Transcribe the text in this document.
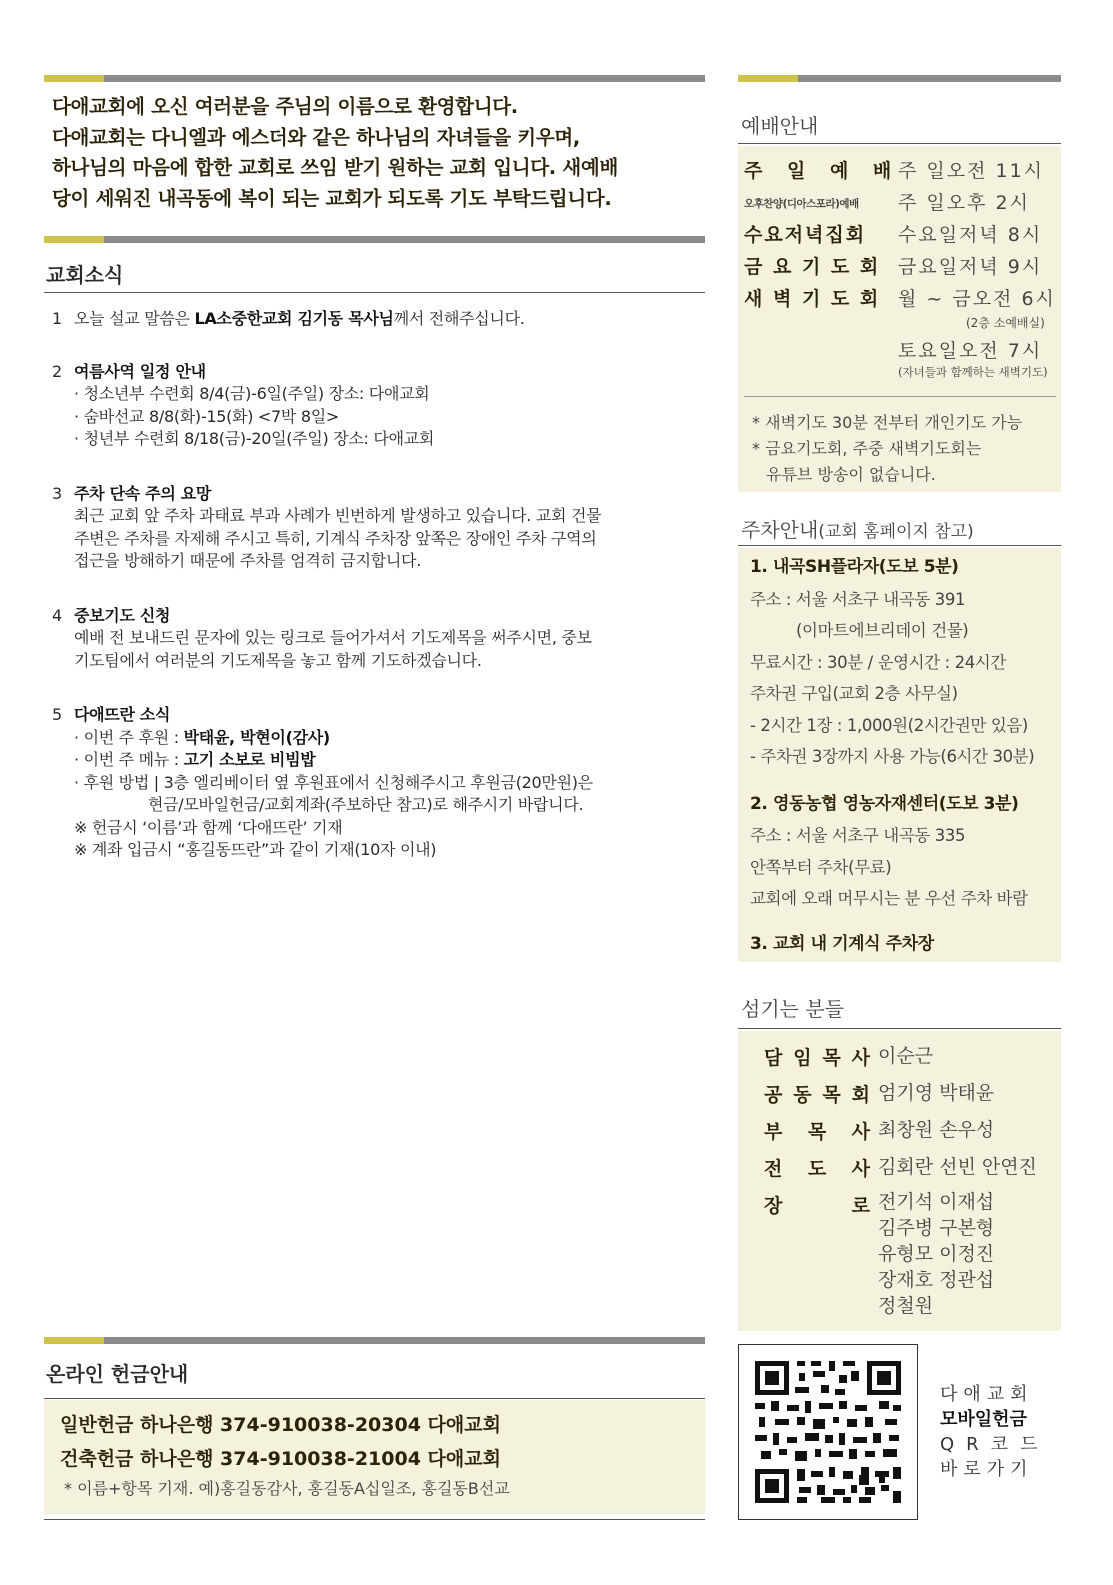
다애교회에 오신 여러분을 주님의 이름으로 환영합니다.
다애교회는 다니엘과 에스더와 같은 하나님의 자녀들을 키우며,
하나님의 마음에 합한 교회로 쓰임 받기 원하는 교회 입니다. 새예배
당이 세워진 내곡동에 복이 되는 교회가 되도록 기도 부탁드립니다.
교회소식
1 오늘 설교 말씀은 LA소중한교회 김기동 목사님께서 전해주십니다.
2 여름사역 일정 안내
· 청소년부 수련회 8/4(금)-6일(주일) 장소: 다애교회
· 숨바선교 8/8(화)-15(화) <7박 8일>
· 청년부 수련회 8/18(금)-20일(주일) 장소: 다애교회
3 주차 단속 주의 요망
최근 교회 앞 주차 과태료 부과 사례가 빈번하게 발생하고 있습니다. 교회 건물
주변은 주차를 자제해 주시고 특히, 기계식 주차장 앞쪽은 장애인 주차 구역의
접근을 방해하기 때문에 주차를 엄격히 금지합니다.
4 중보기도 신청
예배 전 보내드린 문자에 있는 링크로 들어가셔서 기도제목을 써주시면, 중보
기도팀에서 여러분의 기도제목을 놓고 함께 기도하겠습니다.
5 다애뜨란 소식
· 이번 주 후원 : 박태윤, 박현이(감사)
· 이번 주 메뉴 : 고기 소보로 비빔밥
· 후원 방법 | 3층 엘리베이터 옆 후원표에서 신청해주시고 후원금(20만원)은
현금/모바일헌금/교회계좌(주보하단 참고)로 해주시기 바랍니다.
※ 헌금시 ‘이름’과 함께 ‘다애뜨란’ 기재
※ 계좌 입금시 “홍길동뜨란”과 같이 기재(10자 이내)
예배안내
주 일 예 배
주 일오전 11시
오후찬양(디아스포라)예배 주 일오후 2시
수요저녁집회 수요일저녁 8시
금 요 기 도 회 금요일저녁 9시
새 벽 기 도 회 월 ~ 금오전 6시
(2층 소예배실)
토요일오전 7시
(자녀들과 함께하는 새벽기도)
* 새벽기도 30분 전부터 개인기도 가능
* 금요기도회, 주중 새벽기도회는
유튜브 방송이 없습니다.
주차안내(교회 홈페이지 참고)
1. 내곡SH플라자(도보 5분)
주소 : 서울 서초구 내곡동 391
(이마트에브리데이 건물)
무료시간 : 30분 / 운영시간 : 24시간
주차권 구입(교회 2층 사무실)
- 2시간 1장 : 1,000원(2시간권만 있음)
- 주차권 3장까지 사용 가능(6시간 30분)
2. 영동농협 영농자재센터(도보 3분)
주소 : 서울 서초구 내곡동 335
안쪽부터 주차(무료)
교회에 오래 머무시는 분 우선 주차 바람
3. 교회 내 기계식 주차장
섬기는 분들
담 임 목 사 이순근
공 동 목 회 엄기영 박태윤
부 목 사 최창원 손우성
전 도 사 김회란 선빈 안연진
장	로 전기석 이재섭
김주병 구본형
유형모 이정진
장재호 정관섭
정철원
온라인 헌금안내
일반헌금 하나은행 374-910038-20304 다애교회
건축헌금 하나은행 374-910038-21004 다애교회
* 이름+항목 기재. 예)홍길동감사, 홍길동A십일조, 홍길동B선교
다애교회
모바일헌금
QR코드
바로가기
